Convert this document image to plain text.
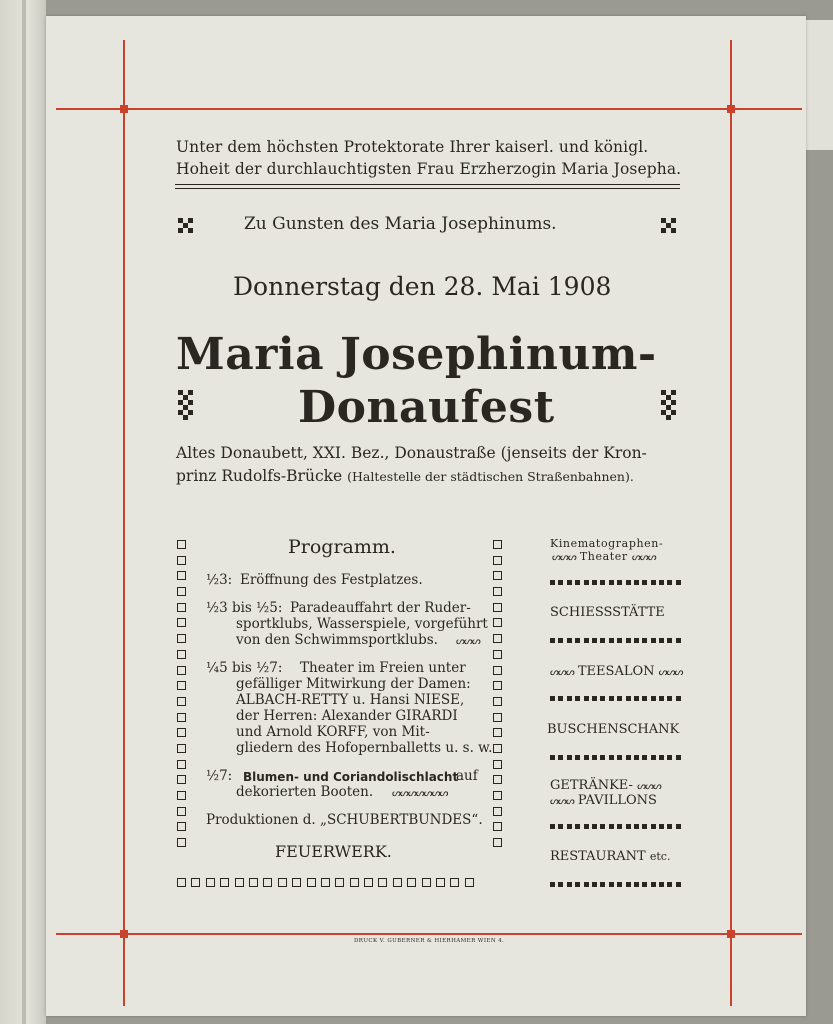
Unter dem höchsten Protektorate Ihrer kaiserl. und königl.

Hoheit der durchlauchtigsten Frau Erzherzogin Maria Josepha.

Zu Gunsten des Maria Josephinums.

Donnerstag den 28. Mai 1908

Maria Josephinum-

Donaufest

Altes Donaubett, XXI. Bez., Donaustraße (jenseits der Kron-

prinz Rudolfs-Brücke (Haltestelle der städtischen Straßenbahnen).

Programm.

½3: Eröffnung des Festplatzes.
½3 bis ½5: Paradeauffahrt der Ruder-
sportklubs, Wasserspiele, vorgeführt
von den Schwimmsportklubs. ᔕᔕᔕ
¼5 bis ½7: Theater im Freien unter
gefälliger Mitwirkung der Damen:
ALBACH-RETTY u. Hansi NIESE,
der Herren: Alexander GIRARDI
und Arnold KORFF, von Mit-
gliedern des Hofopernballetts u. s. w.
½7: Blumen- und Coriandolischlacht
auf
dekorierten Booten. ᔕᔕᔕᔕᔕᔕᔕ
Produktionen d. „SCHUBERTBUNDES“.
FEUERWERK.

Kinematographen-

ᔕᔕᔕ Theater ᔕᔕᔕ

SCHIESSSTÄTTE

ᔕᔕᔕ TEESALON ᔕᔕᔕ

BUSCHENSCHANK

GETRÄNKE- ᔕᔕᔕ

ᔕᔕᔕ PAVILLONS

RESTAURANT etc.

DRUCK V. GUBERNER & HIERHAMER WIEN 4.
